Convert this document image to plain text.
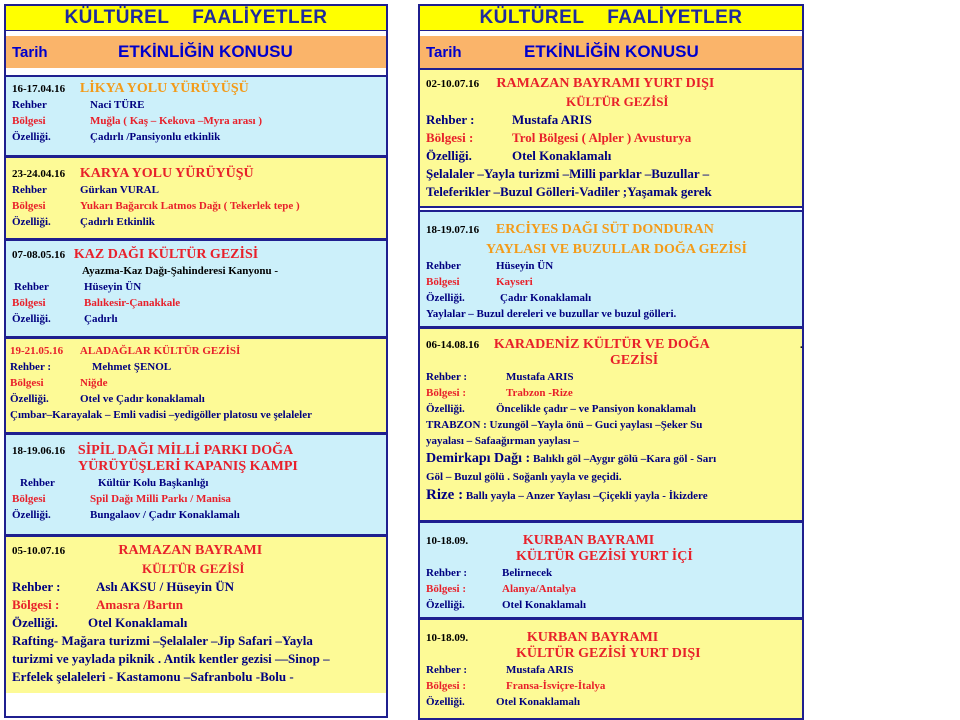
KÜLTÜREL    FAALİYETLER
Tarih	ETKİNLİĞİN KONUSU
16-17.04.16 LİKYA YOLU YÜRÜYÜŞÜ
Rehber	Naci TÜRE
Bölgesi	Muğla ( Kaş – Kekova –Myra arası )
Özelliği.	Çadırlı /Pansiyonlu etkinlik
23-24.04.16 KARYA YOLU YÜRÜYÜŞÜ
Rehber	Gürkan VURAL
Bölgesi	Yukarı Bağarcık Latmos Dağı ( Tekerlek tepe )
Özelliği.	Çadırlı Etkinlik
07-08.05.16 KAZ DAĞI KÜLTÜR GEZİSİ
Ayazma-Kaz Dağı-Şahinderesi Kanyonu -
Rehber	Hüseyin ÜN
Bölgesi	Balıkesir-Çanakkale
Özelliği.	Çadırlı
19-21.05.16 ALADAĞLAR KÜLTÜR GEZİSİ
Rehber :	Mehmet ŞENOL
Bölgesi	Niğde
Özelliği.	Otel ve Çadır konaklamalı
Çımbar–Karayalak – Emli vadisi –yedigöller platosu ve şelaleler
18-19.06.16 SİPİL DAĞI MİLLİ PARKI DOĞA
YÜRÜYÜŞLERİ KAPANIŞ KAMPI
Rehber	Kültür Kolu Başkanlığı
Bölgesi	Spil Dağı Milli Parkı / Manisa
Özelliği.	Bungalaov / Çadır Konaklamalı
05-10.07.16	RAMAZAN BAYRAMI
KÜLTÜR GEZİSİ
Rehber :	Aslı AKSU / Hüseyin ÜN
Bölgesi :	Amasra /Bartın
Özelliği. Otel Konaklamalı
Rafting- Mağara turizmi –Şelalaler –Jip Safari –Yayla
turizmi ve yaylada piknik . Antik kentler gezisi —Sinop –
Erfelek şelaleleri - Kastamonu –Safranbolu -Bolu -
KÜLTÜREL    FAALİYETLER
Tarih	ETKİNLİĞİN KONUSU
02-10.07.16 RAMAZAN BAYRAMI YURT DIŞI
KÜLTÜR GEZİSİ
Rehber :	Mustafa ARIS
Bölgesi :	Trol Bölgesi ( Alpler ) Avusturya
Özelliği.	Otel Konaklamalı
Şelalaler –Yayla turizmi –Milli parklar –Buzullar –
Teleferikler –Buzul Gölleri-Vadiler ;Yaşamak gerek
18-19.07.16 ERCİYES DAĞI SÜT DONDURAN
YAYLASI VE BUZULLAR DOĞA GEZİSİ
Rehber	Hüseyin ÜN
Bölgesi	Kayseri
Özelliği.	Çadır Konaklamalı
Yaylalar – Buzul dereleri ve buzullar ve buzul gölleri.
06-14.08.16 KARADENİZ KÜLTÜR VE DOĞA
GEZİSİ
Rehber :	Mustafa ARIS
Bölgesi :	Trabzon -Rize
Özelliği.	Öncelikle çadır – ve Pansiyon konaklamalı
TRABZON : Uzungöl –Yayla önü – Guci yaylası –Şeker Su
yayalası – Safaağırman yaylası –
Demirkapı Dağı : Balıklı göl –Aygır gölü –Kara göl - Sarı
Göl – Buzul gölü . Soğanlı yayla ve geçidi.
Rize : Ballı yayla – Anzer Yaylası –Çiçekli yayla - İkizdere
10-18.09.	KURBAN BAYRAMI
KÜLTÜR GEZİSİ YURT İÇİ
Rehber :	Belirnecek
Bölgesi :	Alanya/Antalya
Özelliği.	Otel Konaklamalı
10-18.09.	KURBAN BAYRAMI
KÜLTÜR GEZİSİ YURT DIŞI
Rehber :	Mustafa ARIS
Bölgesi :	Fransa-İsviçre-İtalya
Özelliği.	Otel Konaklamalı
.
